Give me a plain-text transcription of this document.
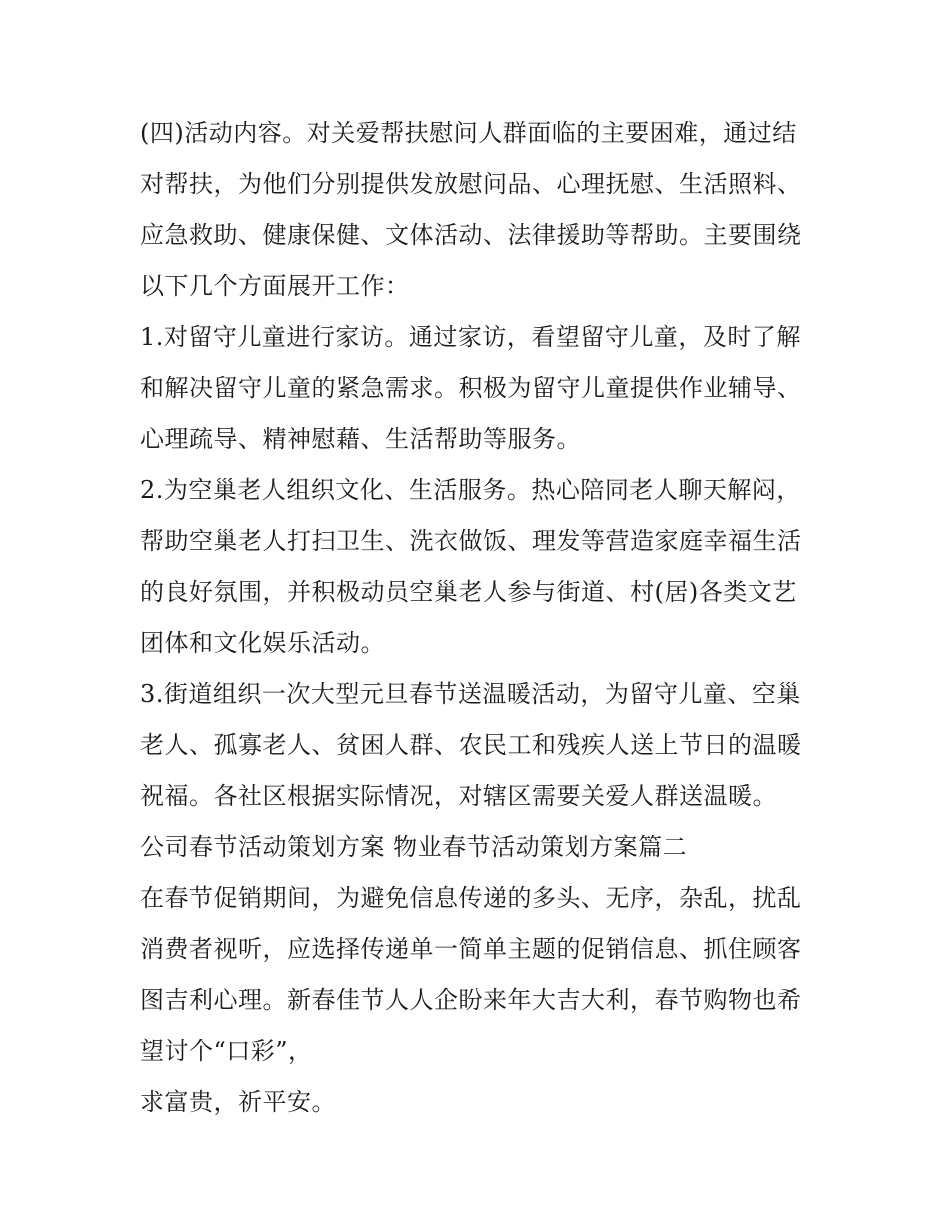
(四)活动内容。对关爱帮扶慰问人群面临的主要困难，通过结
对帮扶，为他们分别提供发放慰问品、心理抚慰、生活照料、
应急救助、健康保健、文体活动、法律援助等帮助。主要围绕
以下几个方面展开工作：
1.对留守儿童进行家访。通过家访，看望留守儿童，及时了解
和解决留守儿童的紧急需求。积极为留守儿童提供作业辅导、
心理疏导、精神慰藉、生活帮助等服务。
2.为空巢老人组织文化、生活服务。热心陪同老人聊天解闷，
帮助空巢老人打扫卫生、洗衣做饭、理发等营造家庭幸福生活
的良好氛围，并积极动员空巢老人参与街道、村(居)各类文艺
团体和文化娱乐活动。
3.街道组织一次大型元旦春节送温暖活动，为留守儿童、空巢
老人、孤寡老人、贫困人群、农民工和残疾人送上节日的温暖
祝福。各社区根据实际情况，对辖区需要关爱人群送温暖。
公司春节活动策划方案 物业春节活动策划方案篇二
在春节促销期间，为避免信息传递的多头、无序，杂乱，扰乱
消费者视听，应选择传递单一简单主题的促销信息、抓住顾客
图吉利心理。新春佳节人人企盼来年大吉大利，春节购物也希
望讨个“口彩”，
求富贵，祈平安。
